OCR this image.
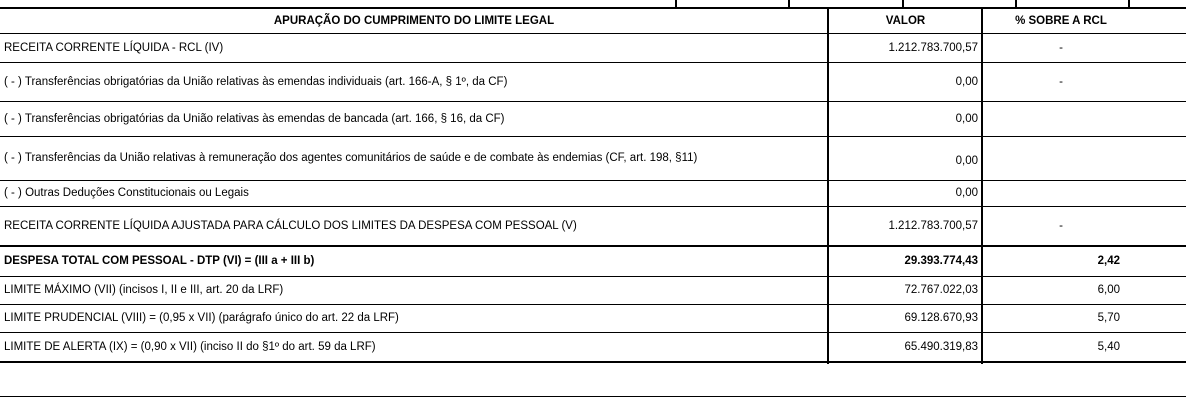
APURAÇÃO DO CUMPRIMENTO DO LIMITE LEGAL	VALOR	% SOBRE A RCL
RECEITA CORRENTE LÍQUIDA - RCL (IV)	1.212.783.700,57	-
( - ) Transferências obrigatórias da União relativas às emendas individuais (art. 166-A, § 1º, da CF)	0,00	-
( - ) Transferências obrigatórias da União relativas às emendas de bancada (art. 166, § 16, da CF)	0,00
( - ) Transferências da União relativas à remuneração dos agentes comunitários de saúde e de combate às endemias (CF, art. 198, §11)	0,00
( - ) Outras Deduções Constitucionais ou Legais	0,00
RECEITA CORRENTE LÍQUIDA AJUSTADA PARA CÁLCULO DOS LIMITES DA DESPESA COM PESSOAL (V)	1.212.783.700,57	-
DESPESA TOTAL COM PESSOAL - DTP (VI) = (III a + III b)	29.393.774,43	2,42
LIMITE MÁXIMO (VII) (incisos I, II e III, art. 20 da LRF)	72.767.022,03	6,00
LIMITE PRUDENCIAL (VIII) = (0,95 x VII) (parágrafo único do art. 22 da LRF)	69.128.670,93	5,70
LIMITE DE ALERTA (IX) = (0,90 x VII) (inciso II do §1º do art. 59 da LRF)	65.490.319,83	5,40
